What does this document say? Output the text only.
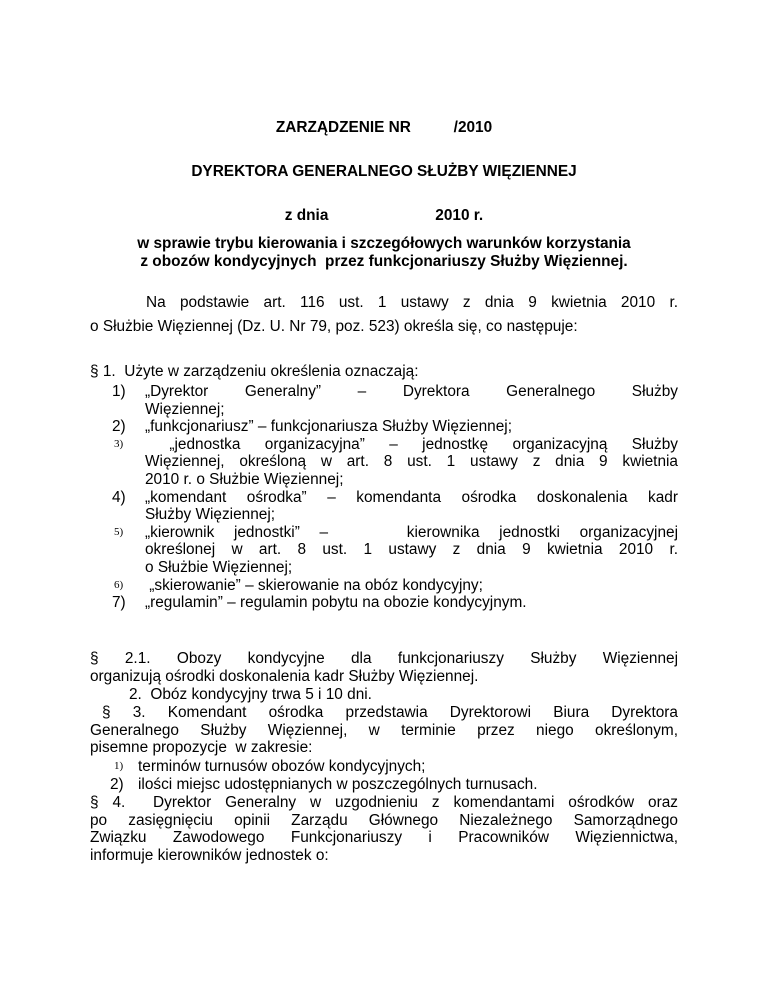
ZARZĄDZENIE NR          /2010
DYREKTORA GENERALNEGO SŁUŻBY WIĘZIENNEJ
z dnia                         2010 r.
w sprawie trybu kierowania i szczegółowych warunków korzystania
z obozów kondycyjnych  przez funkcjonariuszy Służby Więziennej.
Na podstawie art. 116 ust. 1 ustawy z dnia 9 kwietnia 2010 r.
o Służbie Więziennej (Dz. U. Nr 79, poz. 523) określa się, co następuje:
§ 1.  Użyte w zarządzeniu określenia oznaczają:
1)	„Dyrektor Generalny” – Dyrektora Generalnego Służby
Więziennej;
2)	„funkcjonariusz” – funkcjonariusza Służby Więziennej;
3)	„jednostka organizacyjna” – jednostkę organizacyjną Służby
Więziennej, określoną w art. 8 ust. 1 ustawy z dnia 9 kwietnia
2010 r. o Służbie Więziennej;
4)	„komendant ośrodka” – komendanta ośrodka doskonalenia kadr
Służby Więziennej;
5)	„kierownik jednostki” –    kierownika jednostki organizacyjnej
określonej w art. 8 ust. 1 ustawy z dnia 9 kwietnia 2010 r.
o Służbie Więziennej;
6)	„skierowanie” – skierowanie na obóz kondycyjny;
7)	„regulamin” – regulamin pobytu na obozie kondycyjnym.
§ 2.1. Obozy kondycyjne dla funkcjonariuszy Służby Więziennej
organizują ośrodki doskonalenia kadr Służby Więziennej.
2.  Obóz kondycyjny trwa 5 i 10 dni.
§ 3. Komendant ośrodka przedstawia Dyrektorowi Biura Dyrektora
Generalnego Służby Więziennej, w terminie przez niego określonym,
pisemne propozycje  w zakresie:
1) terminów turnusów obozów kondycyjnych;
2) ilości miejsc udostępnianych w poszczególnych turnusach.
§ 4.  Dyrektor Generalny w uzgodnieniu z komendantami ośrodków oraz
po zasięgnięciu opinii Zarządu Głównego Niezależnego Samorządnego
Związku Zawodowego Funkcjonariuszy i Pracowników Więziennictwa,
informuje kierowników jednostek o:
